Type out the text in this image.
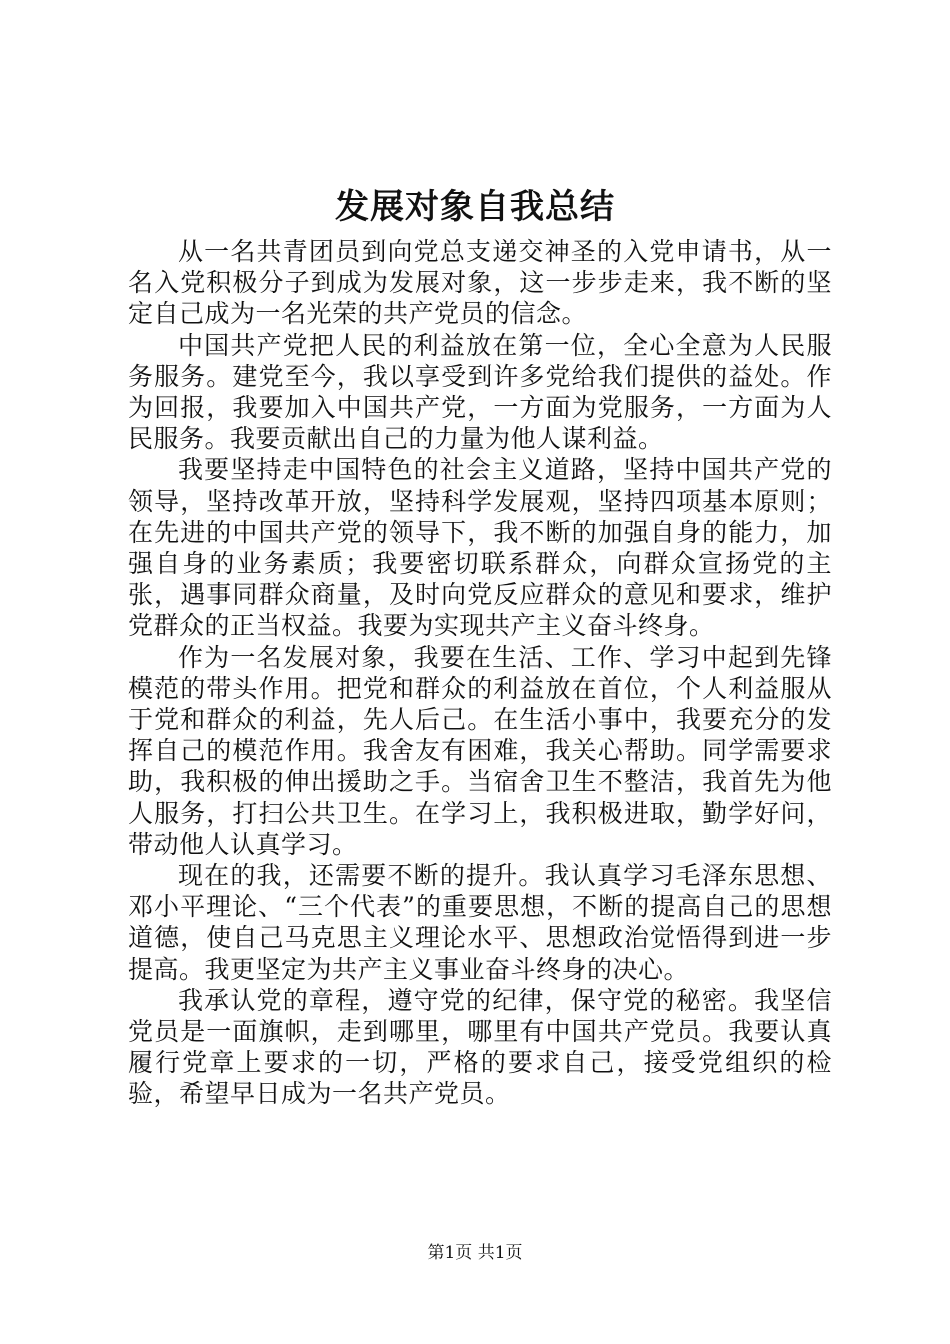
发展对象自我总结

从一名共青团员到向党总支递交神圣的入党申请书，从一名入党积极分子到成为发展对象，这一步步走来，我不断的坚定自己成为一名光荣的共产党员的信念。

中国共产党把人民的利益放在第一位，全心全意为人民服务服务。建党至今，我以享受到许多党给我们提供的益处。作为回报，我要加入中国共产党，一方面为党服务，一方面为人民服务。我要贡献出自己的力量为他人谋利益。

我要坚持走中国特色的社会主义道路，坚持中国共产党的领导，坚持改革开放，坚持科学发展观，坚持四项基本原则；在先进的中国共产党的领导下，我不断的加强自身的能力，加强自身的业务素质；我要密切联系群众，向群众宣扬党的主张，遇事同群众商量，及时向党反应群众的意见和要求，维护党群众的正当权益。我要为实现共产主义奋斗终身。

作为一名发展对象，我要在生活、工作、学习中起到先锋模范的带头作用。把党和群众的利益放在首位，个人利益服从于党和群众的利益，先人后己。在生活小事中，我要充分的发挥自己的模范作用。我舍友有困难，我关心帮助。同学需要求助，我积极的伸出援助之手。当宿舍卫生不整洁，我首先为他人服务，打扫公共卫生。在学习上，我积极进取，勤学好问，带动他人认真学习。

现在的我，还需要不断的提升。我认真学习毛泽东思想、邓小平理论、“三个代表”的重要思想，不断的提高自己的思想道德，使自己马克思主义理论水平、思想政治觉悟得到进一步提高。我更坚定为共产主义事业奋斗终身的决心。

我承认党的章程，遵守党的纪律，保守党的秘密。我坚信党员是一面旗帜，走到哪里，哪里有中国共产党员。我要认真履行党章上要求的一切，严格的要求自己，接受党组织的检验，希望早日成为一名共产党员。

第1页 共1页
